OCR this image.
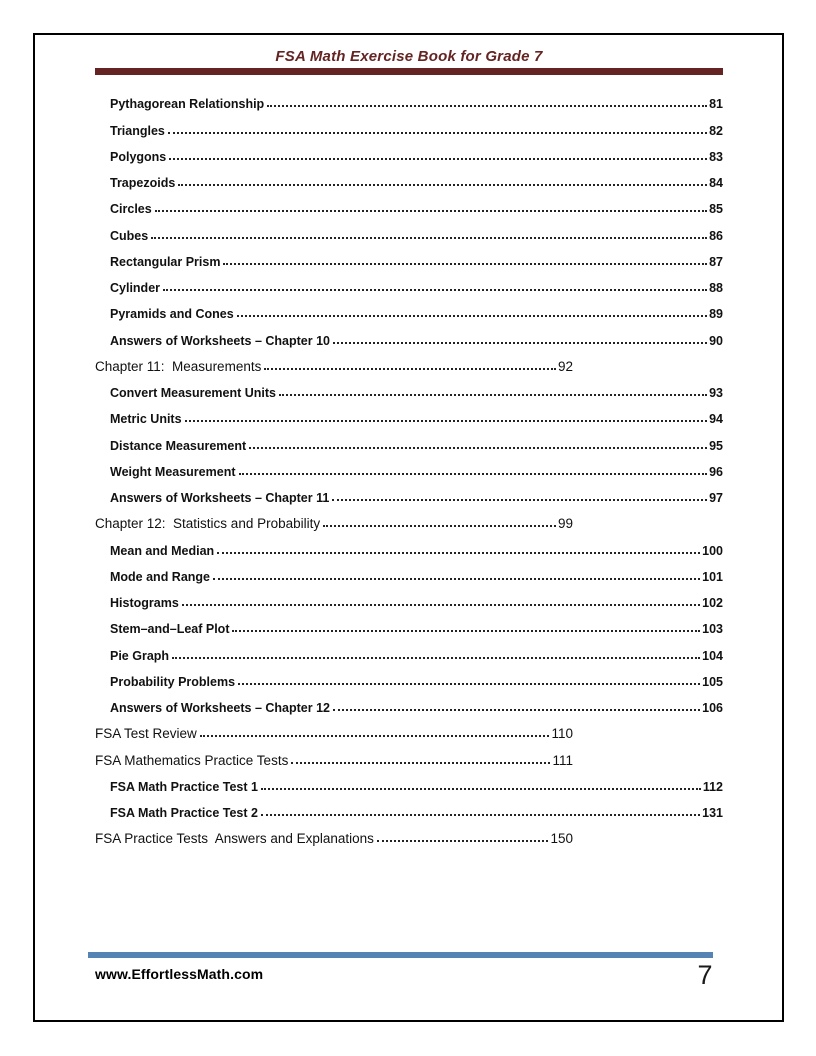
FSA Math Exercise Book for Grade 7
Pythagorean Relationship	81
Triangles	82
Polygons	83
Trapezoids	84
Circles	85
Cubes	86
Rectangular Prism	87
Cylinder	88
Pyramids and Cones	89
Answers of Worksheets – Chapter 10	90
Chapter 11:  Measurements	92
Convert Measurement Units	93
Metric Units	94
Distance Measurement	95
Weight Measurement	96
Answers of Worksheets – Chapter 11	97
Chapter 12:  Statistics and Probability	99
Mean and Median	100
Mode and Range	101
Histograms	102
Stem–and–Leaf Plot	103
Pie Graph	104
Probability Problems	105
Answers of Worksheets – Chapter 12	106
FSA Test Review	110
FSA Mathematics Practice Tests	111
FSA Math Practice Test 1	112
FSA Math Practice Test 2	131
FSA Practice Tests  Answers and Explanations	150
www.EffortlessMath.com	7
